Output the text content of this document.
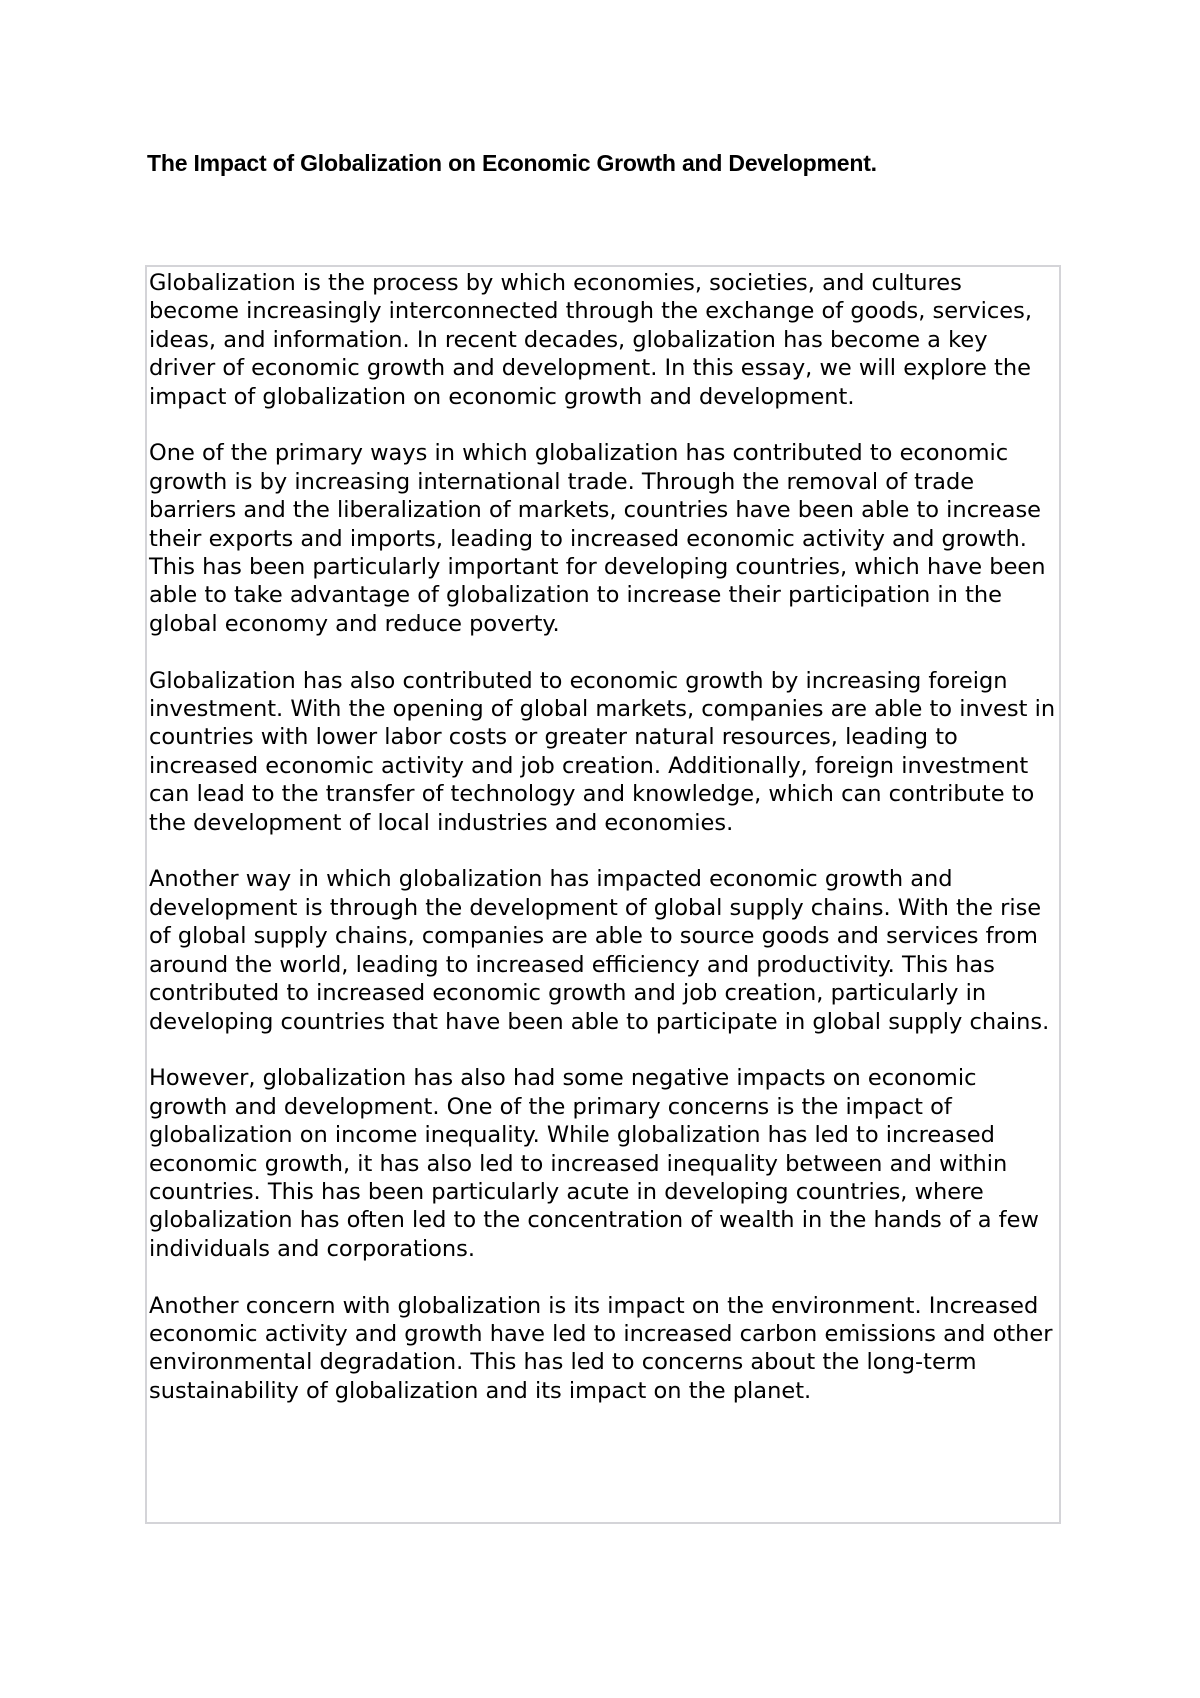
The Impact of Globalization on Economic Growth and Development.

Globalization is the process by which economies, societies, and cultures become increasingly interconnected through the exchange of goods, services, ideas, and information. In recent decades, globalization has become a key driver of economic growth and development. In this essay, we will explore the impact of globalization on economic growth and development.

One of the primary ways in which globalization has contributed to economic growth is by increasing international trade. Through the removal of trade barriers and the liberalization of markets, countries have been able to increase their exports and imports, leading to increased economic activity and growth. This has been particularly important for developing countries, which have been able to take advantage of globalization to increase their participation in the global economy and reduce poverty.

Globalization has also contributed to economic growth by increasing foreign investment. With the opening of global markets, companies are able to invest in countries with lower labor costs or greater natural resources, leading to increased economic activity and job creation. Additionally, foreign investment can lead to the transfer of technology and knowledge, which can contribute to the development of local industries and economies.

Another way in which globalization has impacted economic growth and development is through the development of global supply chains. With the rise of global supply chains, companies are able to source goods and services from around the world, leading to increased efficiency and productivity. This has contributed to increased economic growth and job creation, particularly in developing countries that have been able to participate in global supply chains.

However, globalization has also had some negative impacts on economic growth and development. One of the primary concerns is the impact of globalization on income inequality. While globalization has led to increased economic growth, it has also led to increased inequality between and within countries. This has been particularly acute in developing countries, where globalization has often led to the concentration of wealth in the hands of a few individuals and corporations.

Another concern with globalization is its impact on the environment. Increased economic activity and growth have led to increased carbon emissions and other environmental degradation. This has led to concerns about the long-term sustainability of globalization and its impact on the planet.
